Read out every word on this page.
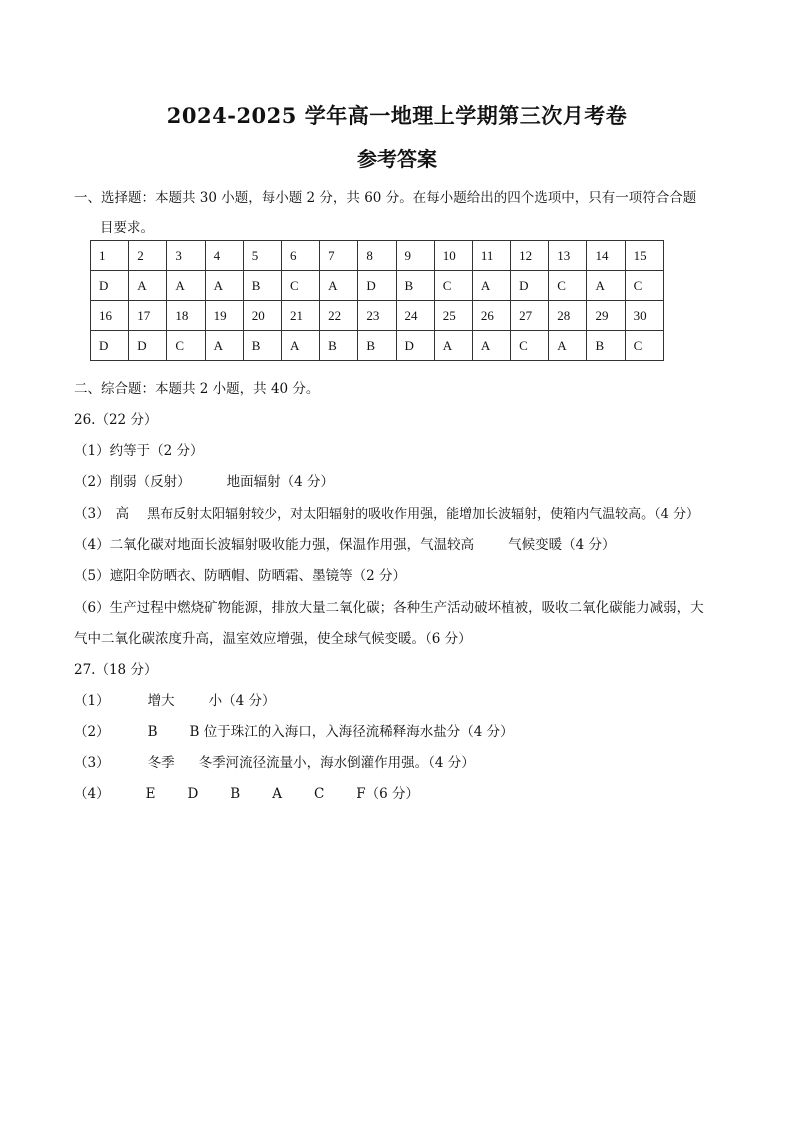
2024-2025 学年高一地理上学期第三次月考卷
参考答案
一、选择题：本题共 30 小题，每小题 2 分，共 60 分。在每小题给出的四个选项中，只有一项符合合题
目要求。
1	2	3	4	5	6	7	8	9	10	11	12	13	14	15
D	A	A	A	B	C	A	D	B	C	A	D	C	A	C
16	17	18	19	20	21	22	23	24	25	26	27	28	29	30
D	D	C	A	B	A	B	B	D	A	A	C	A	B	C
二、综合题：本题共 2 小题，共 40 分。
26.（22 分）
（1）约等于（2 分）
（2）削弱（反射）	地面辐射（4 分）
（3） 高 黑布反射太阳辐射较少，对太阳辐射的吸收作用强，能增加长波辐射，使箱内气温较高。（4 分）
（4）二氧化碳对地面长波辐射吸收能力强，保温作用强，气温较高	气候变暖（4 分）
（5）遮阳伞防晒衣、防晒帽、防晒霜、墨镜等（2 分）
（6）生产过程中燃烧矿物能源，排放大量二氧化碳；各种生产活动破坏植被，吸收二氧化碳能力减弱，大
气中二氧化碳浓度升高，温室效应增强，使全球气候变暖。（6 分）
27.（18 分）
（1）	增大	小（4 分）
（2）	B B 位于珠江的入海口，入海径流稀释海水盐分（4 分）
（3）	冬季 冬季河流径流量小，海水倒灌作用强。（4 分）
（4）	E D B A C F（6 分）
